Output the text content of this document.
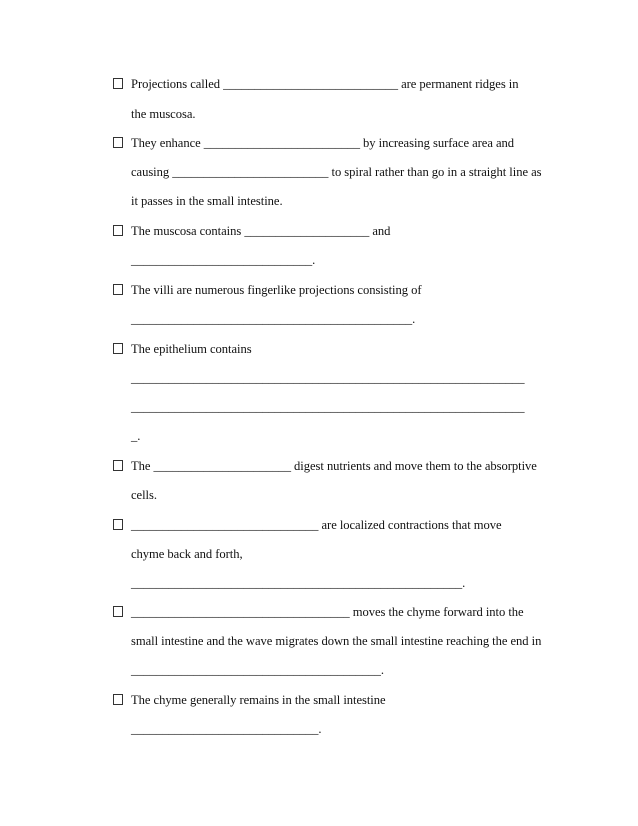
Projections called ____________________________ are permanent ridges in
the muscosa.
They enhance _________________________ by increasing surface area and
causing _________________________ to spiral rather than go in a straight line as
it passes in the small intestine.
The muscosa contains ____________________ and
_____________________________.
The villi are numerous fingerlike projections consisting of
_____________________________________________.
The epithelium contains
_______________________________________________________________
_______________________________________________________________
_.
The ______________________ digest nutrients and move them to the absorptive
cells.
______________________________ are localized contractions that move
chyme back and forth,
_____________________________________________________.
___________________________________ moves the chyme forward into the
small intestine and the wave migrates down the small intestine reaching the end in
________________________________________.
The chyme generally remains in the small intestine
______________________________.
